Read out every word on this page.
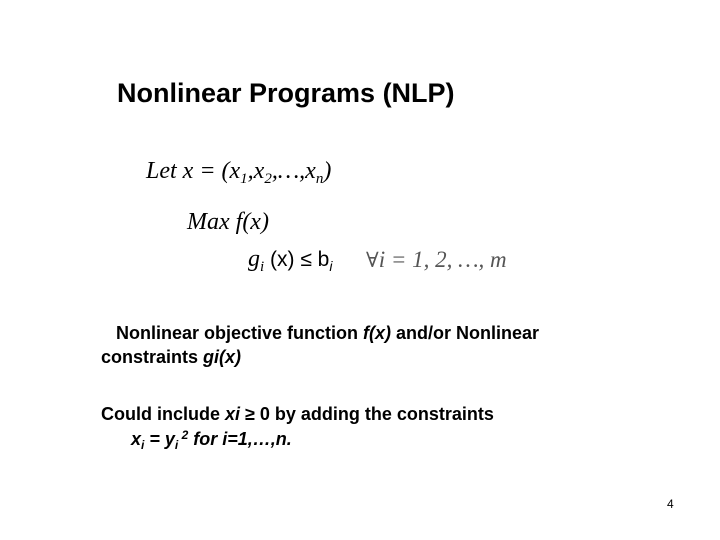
Nonlinear Programs (NLP)
Let $x = (x_1,x_2,\dots,x_n)$
Max f(x)
$g_i$ $(x) \le b_i$ ∀i = 1, 2, …, m
Nonlinear objective function f(x) and/or Nonlinear
constraints gi(x)
Could include xi ≥ 0 by adding the constraints
$x_i = y_i$ $^2$ for i=1,…,n.
4
